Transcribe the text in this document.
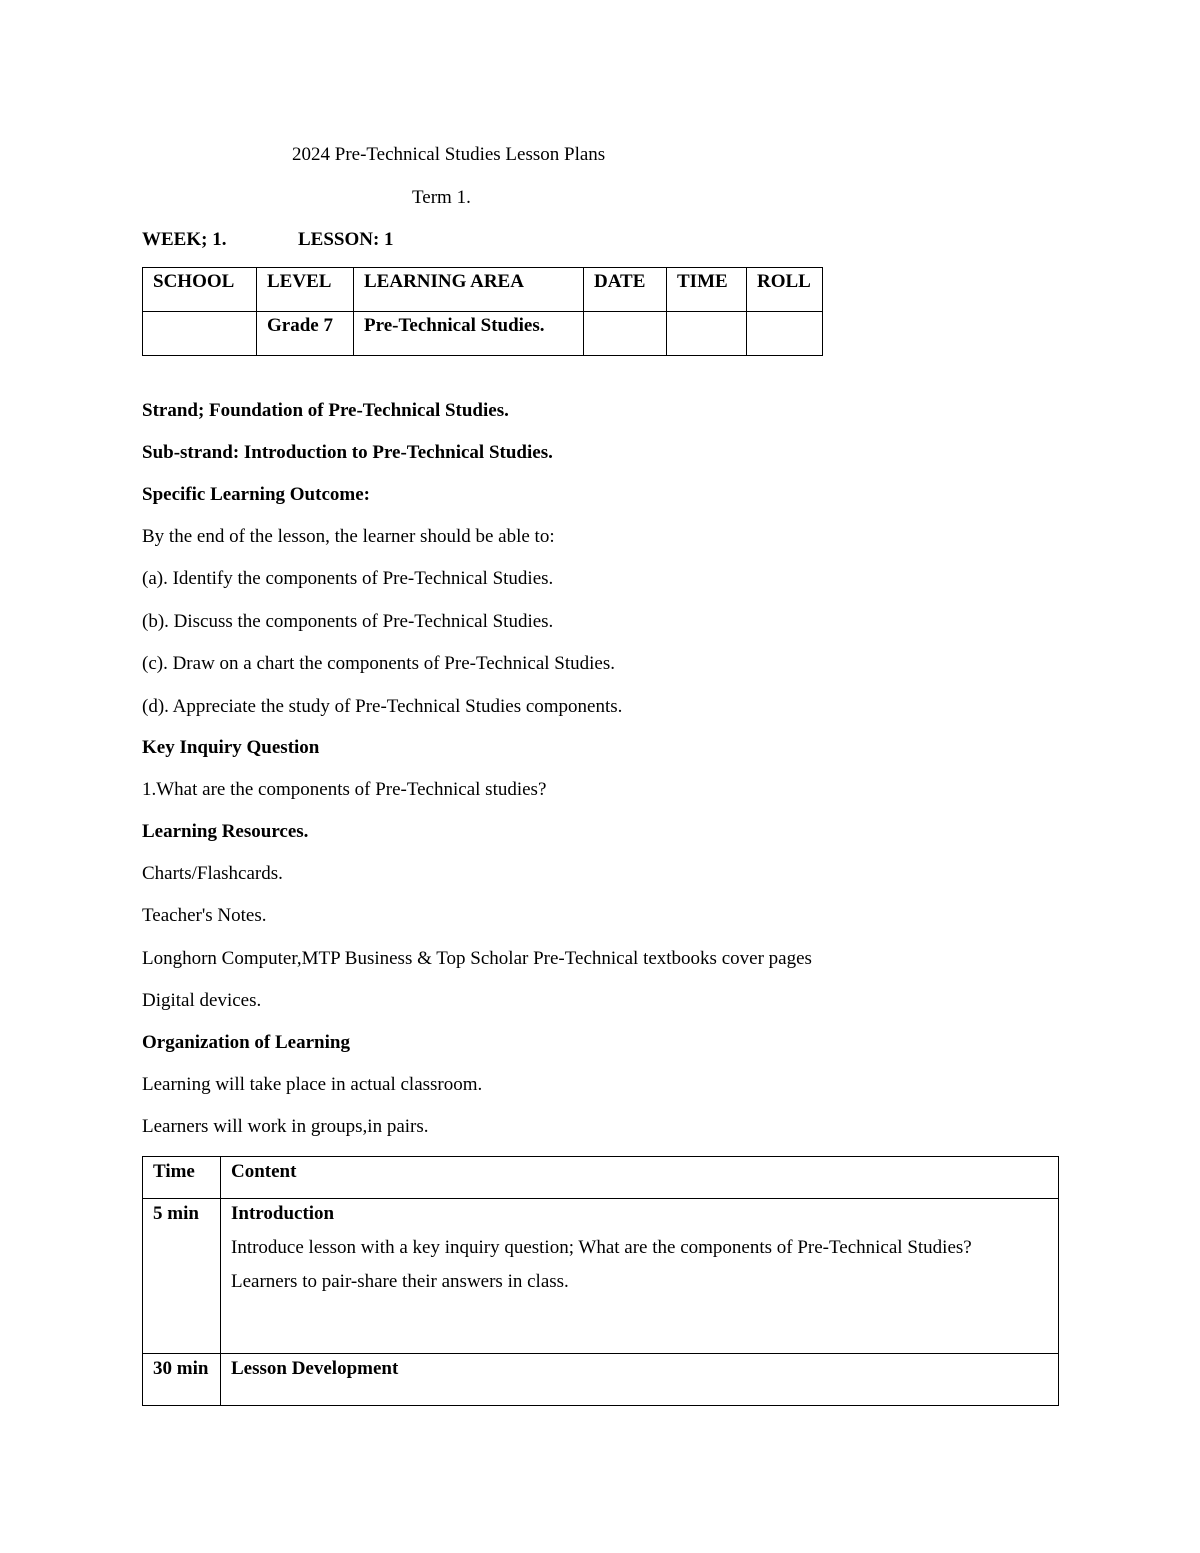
2024 Pre-Technical Studies Lesson Plans
Term 1.
WEEK; 1.	LESSON: 1
SCHOOL	LEVEL	LEARNING AREA	DATE	TIME	ROLL
	Grade 7	Pre-Technical Studies.			
Strand; Foundation of Pre-Technical Studies.
Sub-strand: Introduction to Pre-Technical Studies.
Specific Learning Outcome:
By the end of the lesson, the learner should be able to:
(a). Identify the components of Pre-Technical Studies.
(b). Discuss the components of Pre-Technical Studies.
(c). Draw on a chart the components of Pre-Technical Studies.
(d). Appreciate the study of Pre-Technical Studies components.
Key Inquiry Question
1.What are the components of Pre-Technical studies?
Learning Resources.
Charts/Flashcards.
Teacher's Notes.
Longhorn Computer,MTP Business & Top Scholar Pre-Technical textbooks cover pages
Digital devices.
Organization of Learning
Learning will take place in actual classroom.
Learners will work in groups,in pairs.
Time	Content
5 min	Introduction
Introduce lesson with a key inquiry question; What are the components of Pre-Technical Studies?
Learners to pair-share their answers in class.

30 min	Lesson Development
